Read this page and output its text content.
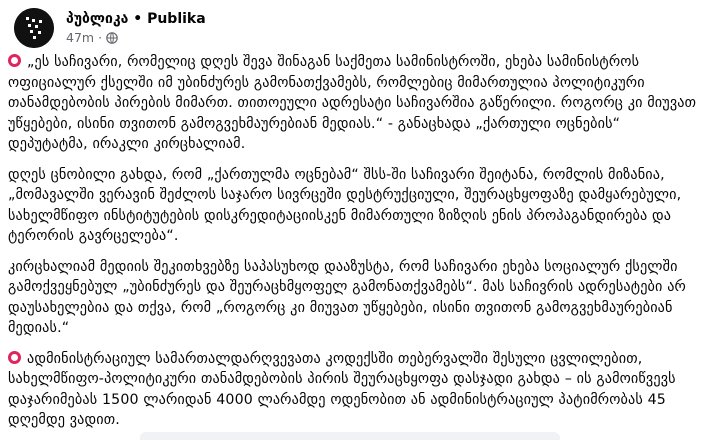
პუბლიკა • Publika
47m ·

„ეს საჩივარი, რომელიც დღეს შევა შინაგან საქმეთა სამინისტროში, ეხება სამინისტროს ოფიციალურ ქსელში იმ უბინძურეს გამონათქვამებს, რომლებიც მიმართულია პოლიტიკური თანამდებობის პირების მიმართ. თითოეული ადრესატი საჩივარშია გაწერილი. როგორც კი მიუვათ უწყებები, ისინი თვითონ გამოგვეხმაურებიან მედიას.“ - განაცხადა „ქართული ოცნების“ დეპუტატმა, ირაკლი კირცხალიამ.

დღეს ცნობილი გახდა, რომ „ქართულმა ოცნებამ“ შსს-ში საჩივარი შეიტანა, რომლის მიზანია, „მომავალში ვერავინ შეძლოს საჯარო სივრცეში დესტრუქციული, შეურაცხყოფაზე დამყარებული, სახელმწიფო ინსტიტუტების დისკრედიტაციისკენ მიმართული ზიზღის ენის პროპაგანდირება და ტერორის გავრცელება“.

კირცხალიამ მედიის შეკითხვებზე საპასუხოდ დააზუსტა, რომ საჩივარი ეხება სოციალურ ქსელში გამოქვეყნებულ „უბინძურეს და შეურაცხმყოფელ გამონათქვამებს“. მას საჩივრის ადრესატები არ დაუსახელებია და თქვა, რომ „როგორც კი მიუვათ უწყებები, ისინი თვითონ გამოგვეხმაურებიან მედიას.“

ადმინისტრაციულ სამართალდარღვევათა კოდექსში თებერვალში შესული ცვლილებით, სახელმწიფო-პოლიტიკური თანამდებობის პირის შეურაცხყოფა დასჯადი გახდა – ის გამოიწვევს დაჯარიმებას 1500 ლარიდან 4000 ლარამდე ოდენობით ან ადმინისტრაციულ პატიმრობას 45 დღემდე ვადით.
